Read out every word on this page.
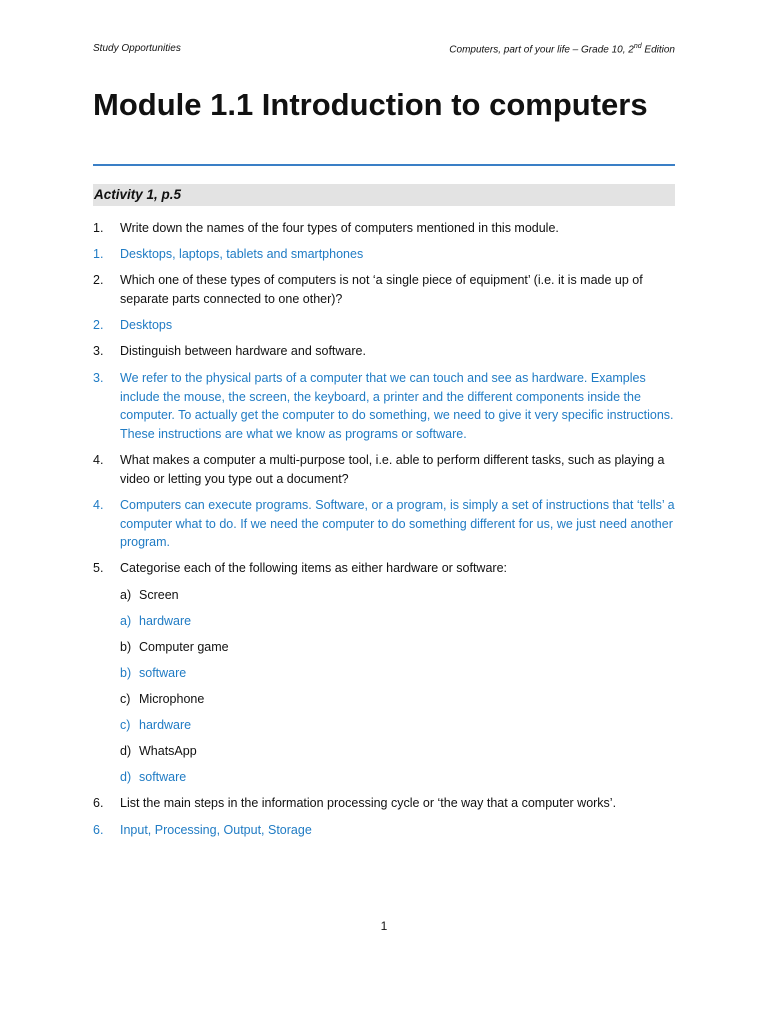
Study Opportunities	Computers, part of your life – Grade 10, 2nd Edition
Module 1.1 Introduction to computers
Activity 1, p.5
1. Write down the names of the four types of computers mentioned in this module.
1. Desktops, laptops, tablets and smartphones
2. Which one of these types of computers is not ‘a single piece of equipment’ (i.e. it is made up of separate parts connected to one other)?
2. Desktops
3. Distinguish between hardware and software.
3. We refer to the physical parts of a computer that we can touch and see as hardware. Examples include the mouse, the screen, the keyboard, a printer and the different components inside the computer. To actually get the computer to do something, we need to give it very specific instructions. These instructions are what we know as programs or software.
4. What makes a computer a multi-purpose tool, i.e. able to perform different tasks, such as playing a video or letting you type out a document?
4. Computers can execute programs. Software, or a program, is simply a set of instructions that ‘tells’ a computer what to do. If we need the computer to do something different for us, we just need another program.
5. Categorise each of the following items as either hardware or software:
a) Screen
a) hardware
b) Computer game
b) software
c) Microphone
c) hardware
d) WhatsApp
d) software
6. List the main steps in the information processing cycle or ‘the way that a computer works’.
6. Input, Processing, Output, Storage
1
